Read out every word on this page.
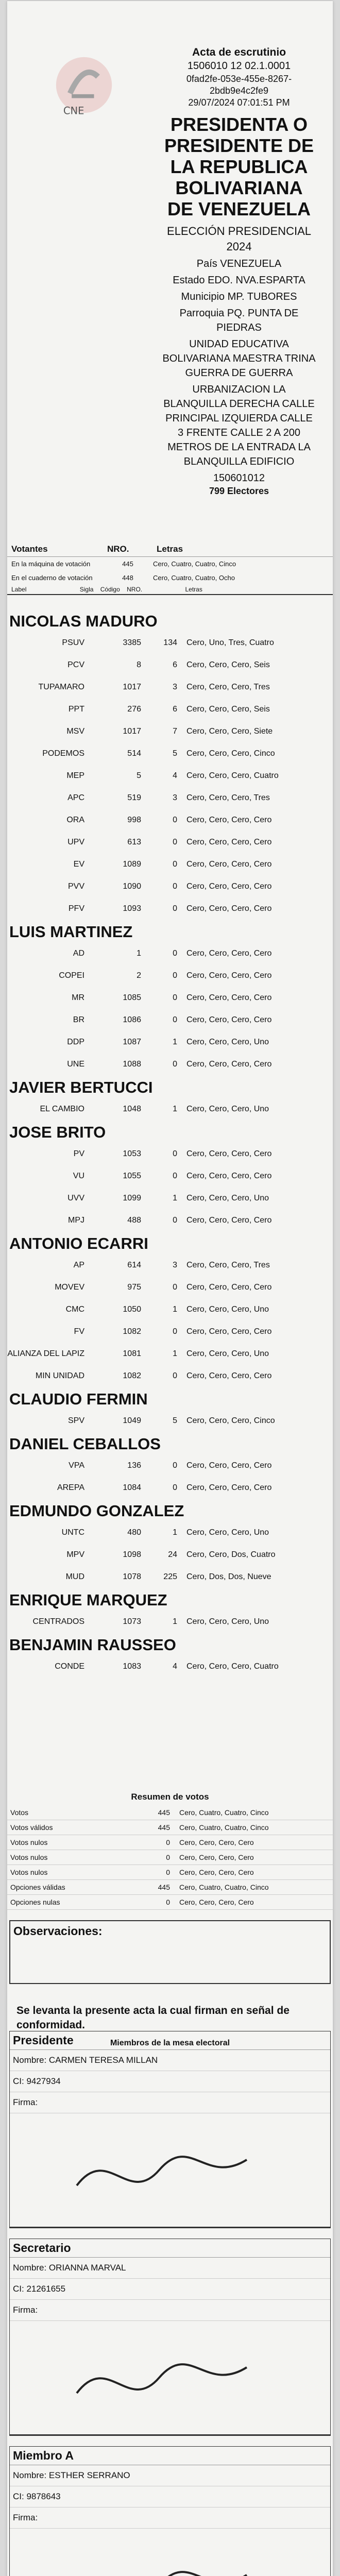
CNE
Acta de escrutinio
1506010 12 02.1.0001
0fad2fe-053e-455e-8267-2bdb9e4c2fe9
29/07/2024 07:01:51 PM
PRESIDENTA O PRESIDENTE DE LA REPUBLICA BOLIVARIANA DE VENEZUELA
ELECCIÓN PRESIDENCIAL 2024
País VENEZUELA
Estado EDO. NVA.ESPARTA
Municipio MP. TUBORES
Parroquia PQ. PUNTA DE PIEDRAS
UNIDAD EDUCATIVA BOLIVARIANA MAESTRA TRINA GUERRA DE GUERRA
URBANIZACION LA BLANQUILLA DERECHA CALLE PRINCIPAL IZQUIERDA CALLE 3 FRENTE CALLE 2 A 200 METROS DE LA ENTRADA LA BLANQUILLA EDIFICIO
150601012
799 Electores
Votantes	NRO.	Letras
En la máquina de votación	445	Cero, Cuatro, Cuatro, Cinco
En el cuaderno de votación	448	Cero, Cuatro, Cuatro, Ocho
Label Sigla Código NRO. Letras		
NICOLAS MADURO
PSUV	3385	134	Cero, Uno, Tres, Cuatro
PCV	8	6	Cero, Cero, Cero, Seis
TUPAMARO	1017	3	Cero, Cero, Cero, Tres
PPT	276	6	Cero, Cero, Cero, Seis
MSV	1017	7	Cero, Cero, Cero, Siete
PODEMOS	514	5	Cero, Cero, Cero, Cinco
MEP	5	4	Cero, Cero, Cero, Cuatro
APC	519	3	Cero, Cero, Cero, Tres
ORA	998	0	Cero, Cero, Cero, Cero
UPV	613	0	Cero, Cero, Cero, Cero
EV	1089	0	Cero, Cero, Cero, Cero
PVV	1090	0	Cero, Cero, Cero, Cero
PFV	1093	0	Cero, Cero, Cero, Cero
LUIS MARTINEZ
AD	1	0	Cero, Cero, Cero, Cero
COPEI	2	0	Cero, Cero, Cero, Cero
MR	1085	0	Cero, Cero, Cero, Cero
BR	1086	0	Cero, Cero, Cero, Cero
DDP	1087	1	Cero, Cero, Cero, Uno
UNE	1088	0	Cero, Cero, Cero, Cero
JAVIER BERTUCCI
EL CAMBIO	1048	1	Cero, Cero, Cero, Uno
JOSE BRITO
PV	1053	0	Cero, Cero, Cero, Cero
VU	1055	0	Cero, Cero, Cero, Cero
UVV	1099	1	Cero, Cero, Cero, Uno
MPJ	488	0	Cero, Cero, Cero, Cero
ANTONIO ECARRI
AP	614	3	Cero, Cero, Cero, Tres
MOVEV	975	0	Cero, Cero, Cero, Cero
CMC	1050	1	Cero, Cero, Cero, Uno
FV	1082	0	Cero, Cero, Cero, Cero
ALIANZA DEL LAPIZ	1081	1	Cero, Cero, Cero, Uno
MIN UNIDAD	1082	0	Cero, Cero, Cero, Cero
CLAUDIO FERMIN
SPV	1049	5	Cero, Cero, Cero, Cinco
DANIEL CEBALLOS
VPA	136	0	Cero, Cero, Cero, Cero
AREPA	1084	0	Cero, Cero, Cero, Cero
EDMUNDO GONZALEZ
UNTC	480	1	Cero, Cero, Cero, Uno
MPV	1098	24	Cero, Cero, Dos, Cuatro
MUD	1078	225	Cero, Dos, Dos, Nueve
ENRIQUE MARQUEZ
CENTRADOS	1073	1	Cero, Cero, Cero, Uno
BENJAMIN RAUSSEO
CONDE	1083	4	Cero, Cero, Cero, Cuatro
Resumen de votos
Votos	445	Cero, Cuatro, Cuatro, Cinco
Votos válidos	445	Cero, Cuatro, Cuatro, Cinco
Votos nulos	0	Cero, Cero, Cero, Cero
Votos nulos	0	Cero, Cero, Cero, Cero
Votos nulos	0	Cero, Cero, Cero, Cero
Opciones válidas	445	Cero, Cuatro, Cuatro, Cinco
Opciones nulas	0	Cero, Cero, Cero, Cero
Observaciones:
Se levanta la presente acta la cual firman en señal de conformidad.
Miembros de la mesa electoral
Presidente
Nombre: CARMEN TERESA MILLAN
CI: 9427934
Firma:
Secretario
Nombre: ORIANNA MARVAL
CI: 21261655
Firma:
Miembro A
Nombre: ESTHER SERRANO
CI: 9878643
Firma:
